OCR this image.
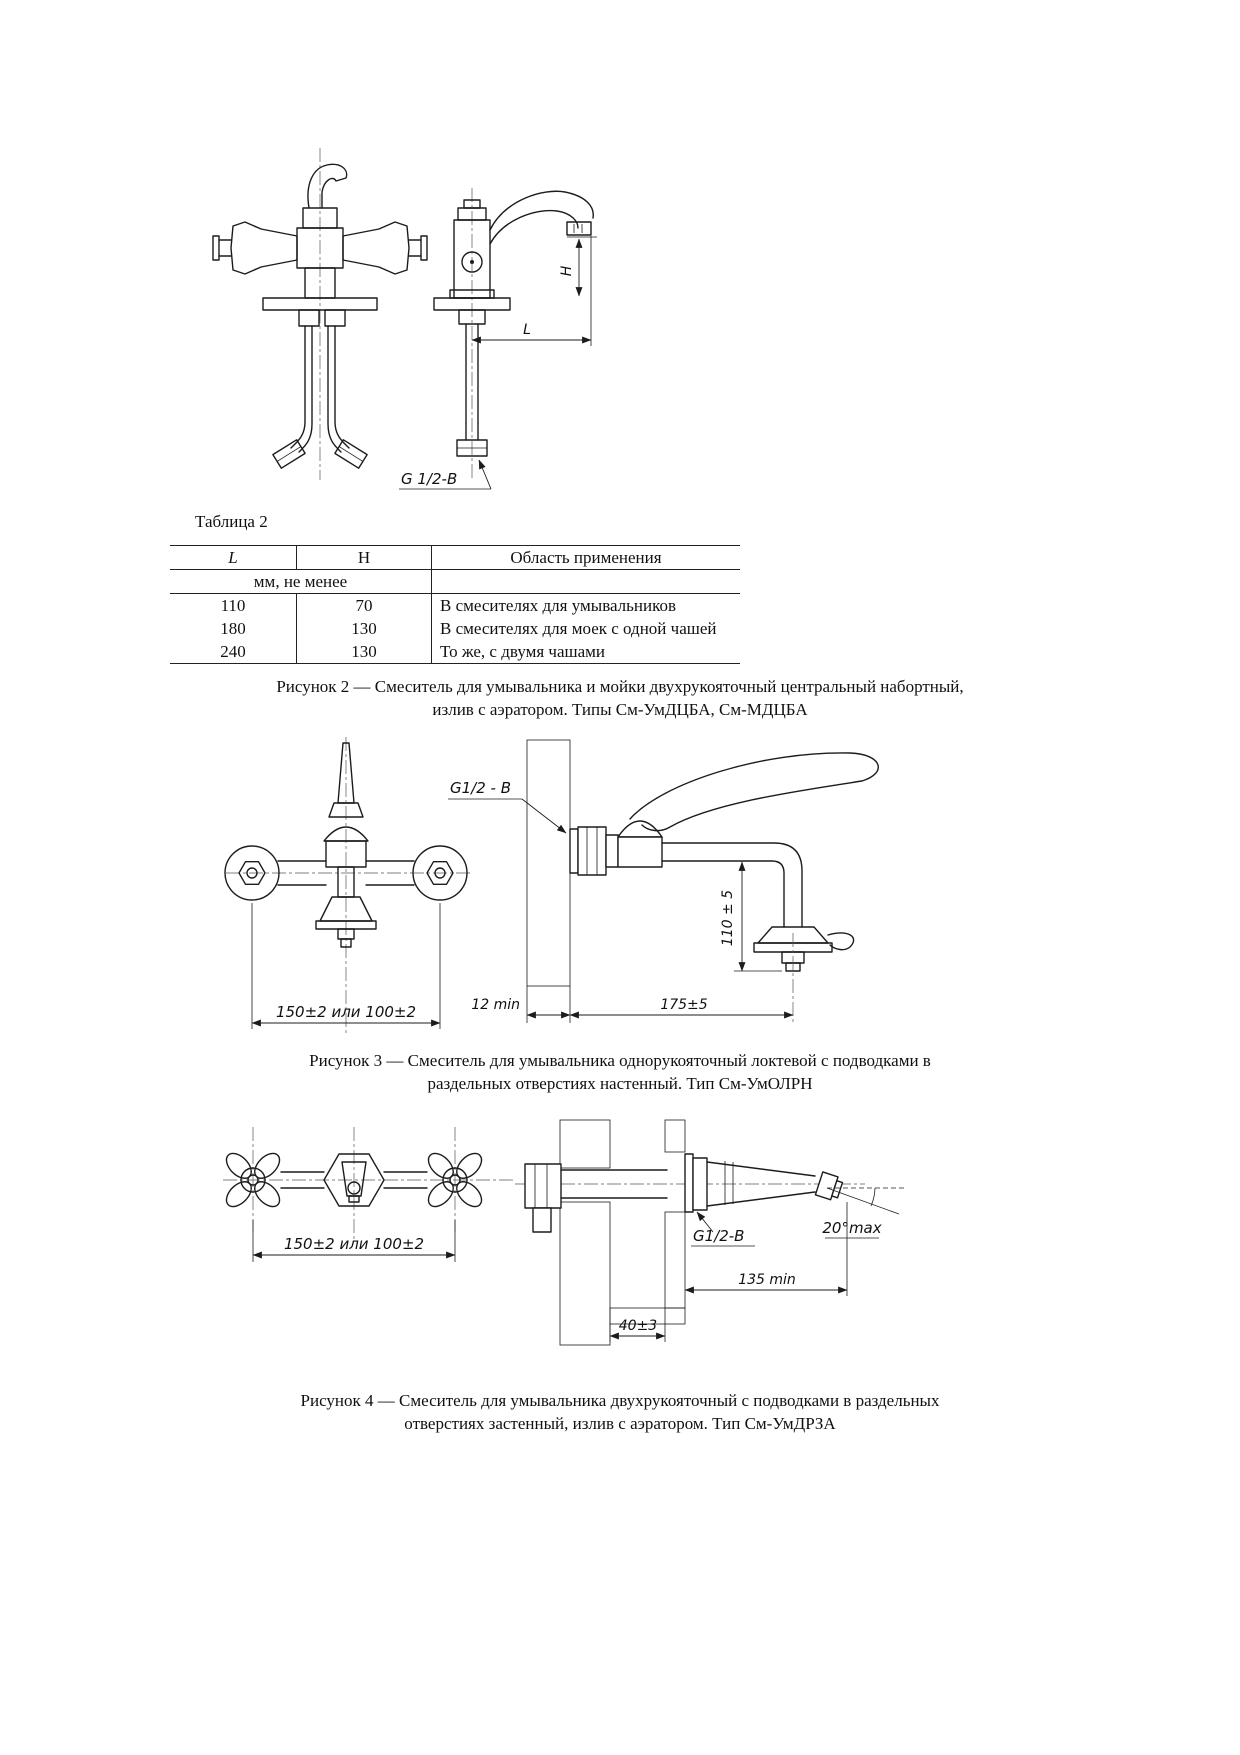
H
L
G 1/2-В
Таблица 2
L	H	Область применения
мм, не менее		
110	70	В смесителях для умывальников
180	130	В смесителях для моек с одной чашей
240	130	То же, с двумя чашами
Рисунок 2 — Смеситель для умывальника и мойки двухрукояточный центральный набортный,
излив с аэратором. Типы См-УмДЦБА, См-МДЦБА
150±2 или 100±2
G1/2 - В
110 ± 5
12 min	175±5
Рисунок 3 — Смеситель для умывальника однорукояточный локтевой с подводками в
раздельных отверстиях настенный. Тип См-УмОЛРН
150±2 или 100±2
20°max
G1/2-В
135 min
40±3
Рисунок 4 — Смеситель для умывальника двухрукояточный с подводками в раздельных
отверстиях застенный, излив с аэратором. Тип См-УмДРЗА
